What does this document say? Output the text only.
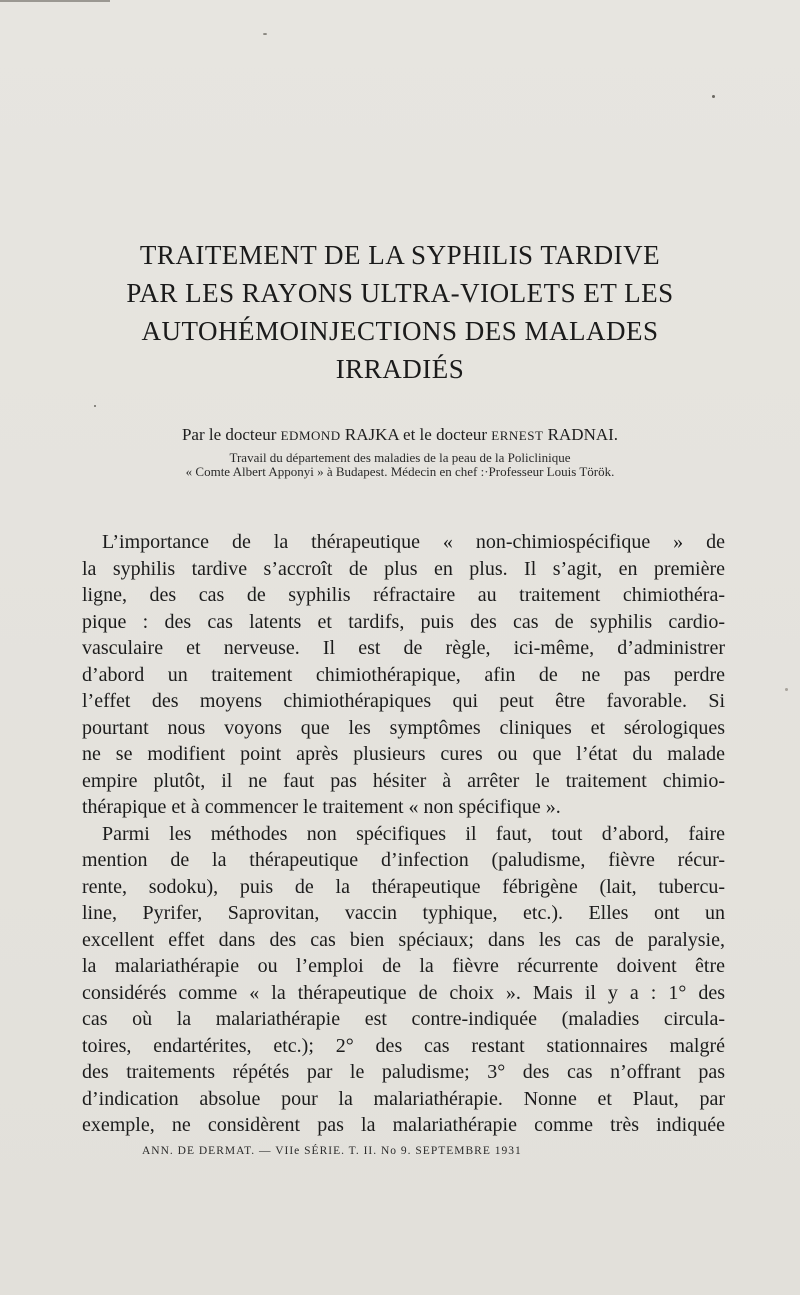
TRAITEMENT DE LA SYPHILIS TARDIVE
PAR LES RAYONS ULTRA-VIOLETS ET LES
AUTOHÉMOINJECTIONS DES MALADES
IRRADIÉS
Par le docteur EDMOND RAJKA et le docteur ERNEST RADNAI.
Travail du département des maladies de la peau de la Policlinique
« Comte Albert Apponyi » à Budapest. Médecin en chef :·Professeur Louis Török.
L’importance de la thérapeutique « non-chimiospécifique » de
la syphilis tardive s’accroît de plus en plus. Il s’agit, en première
ligne, des cas de syphilis réfractaire au traitement chimiothéra-
pique : des cas latents et tardifs, puis des cas de syphilis cardio-
vasculaire et nerveuse. Il est de règle, ici-même, d’administrer
d’abord un traitement chimiothérapique, afin de ne pas perdre
l’effet des moyens chimiothérapiques qui peut être favorable. Si
pourtant nous voyons que les symptômes cliniques et sérologiques
ne se modifient point après plusieurs cures ou que l’état du malade
empire plutôt, il ne faut pas hésiter à arrêter le traitement chimio-
thérapique et à commencer le traitement « non spécifique ».
Parmi les méthodes non spécifiques il faut, tout d’abord, faire
mention de la thérapeutique d’infection (paludisme, fièvre récur-
rente, sodoku), puis de la thérapeutique fébrigène (lait, tubercu-
line, Pyrifer, Saprovitan, vaccin typhique, etc.). Elles ont un
excellent effet dans des cas bien spéciaux; dans les cas de paralysie,
la malariathérapie ou l’emploi de la fièvre récurrente doivent être
considérés comme « la thérapeutique de choix ». Mais il y a : 1° des
cas où la malariathérapie est contre-indiquée (maladies circula-
toires, endartérites, etc.); 2° des cas restant stationnaires malgré
des traitements répétés par le paludisme; 3° des cas n’offrant pas
d’indication absolue pour la malariathérapie. Nonne et Plaut, par
exemple, ne considèrent pas la malariathérapie comme très indiquée
ANN. DE DERMAT. — VIIe SÉRIE. T. II. No 9. SEPTEMBRE 1931
